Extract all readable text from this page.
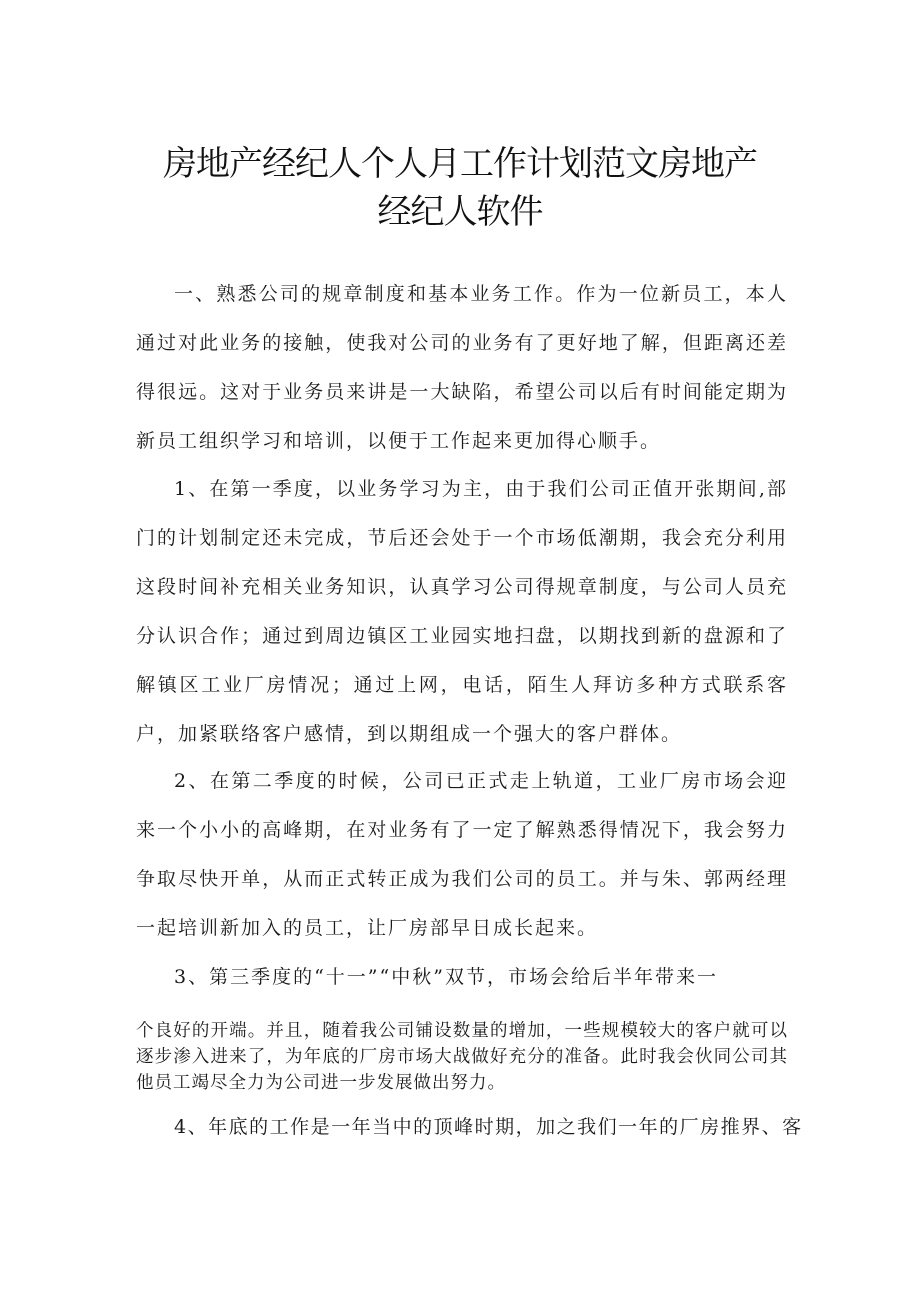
房地产经纪人个人月工作计划范文房地产
经纪人软件

一、熟悉公司的规章制度和基本业务工作。作为一位新员工，本人通过对此业务的接触，使我对公司的业务有了更好地了解，但距离还差得很远。这对于业务员来讲是一大缺陷，希望公司以后有时间能定期为新员工组织学习和培训，以便于工作起来更加得心顺手。

1、在第一季度，以业务学习为主，由于我们公司正值开张期间,部门的计划制定还未完成，节后还会处于一个市场低潮期，我会充分利用这段时间补充相关业务知识，认真学习公司得规章制度，与公司人员充分认识合作；通过到周边镇区工业园实地扫盘，以期找到新的盘源和了解镇区工业厂房情况；通过上网，电话，陌生人拜访多种方式联系客户，加紧联络客户感情，到以期组成一个强大的客户群体。

2、在第二季度的时候，公司已正式走上轨道，工业厂房市场会迎来一个小小的高峰期，在对业务有了一定了解熟悉得情况下，我会努力争取尽快开单，从而正式转正成为我们公司的员工。并与朱、郭两经理一起培训新加入的员工，让厂房部早日成长起来。

3、第三季度的“十一”“中秋”双节，市场会给后半年带来一

个良好的开端。并且，随着我公司铺设数量的增加，一些规模较大的客户就可以逐步渗入进来了，为年底的厂房市场大战做好充分的准备。此时我会伙同公司其他员工竭尽全力为公司进一步发展做出努力。

4、年底的工作是一年当中的顶峰时期，加之我们一年的厂房推界、客
